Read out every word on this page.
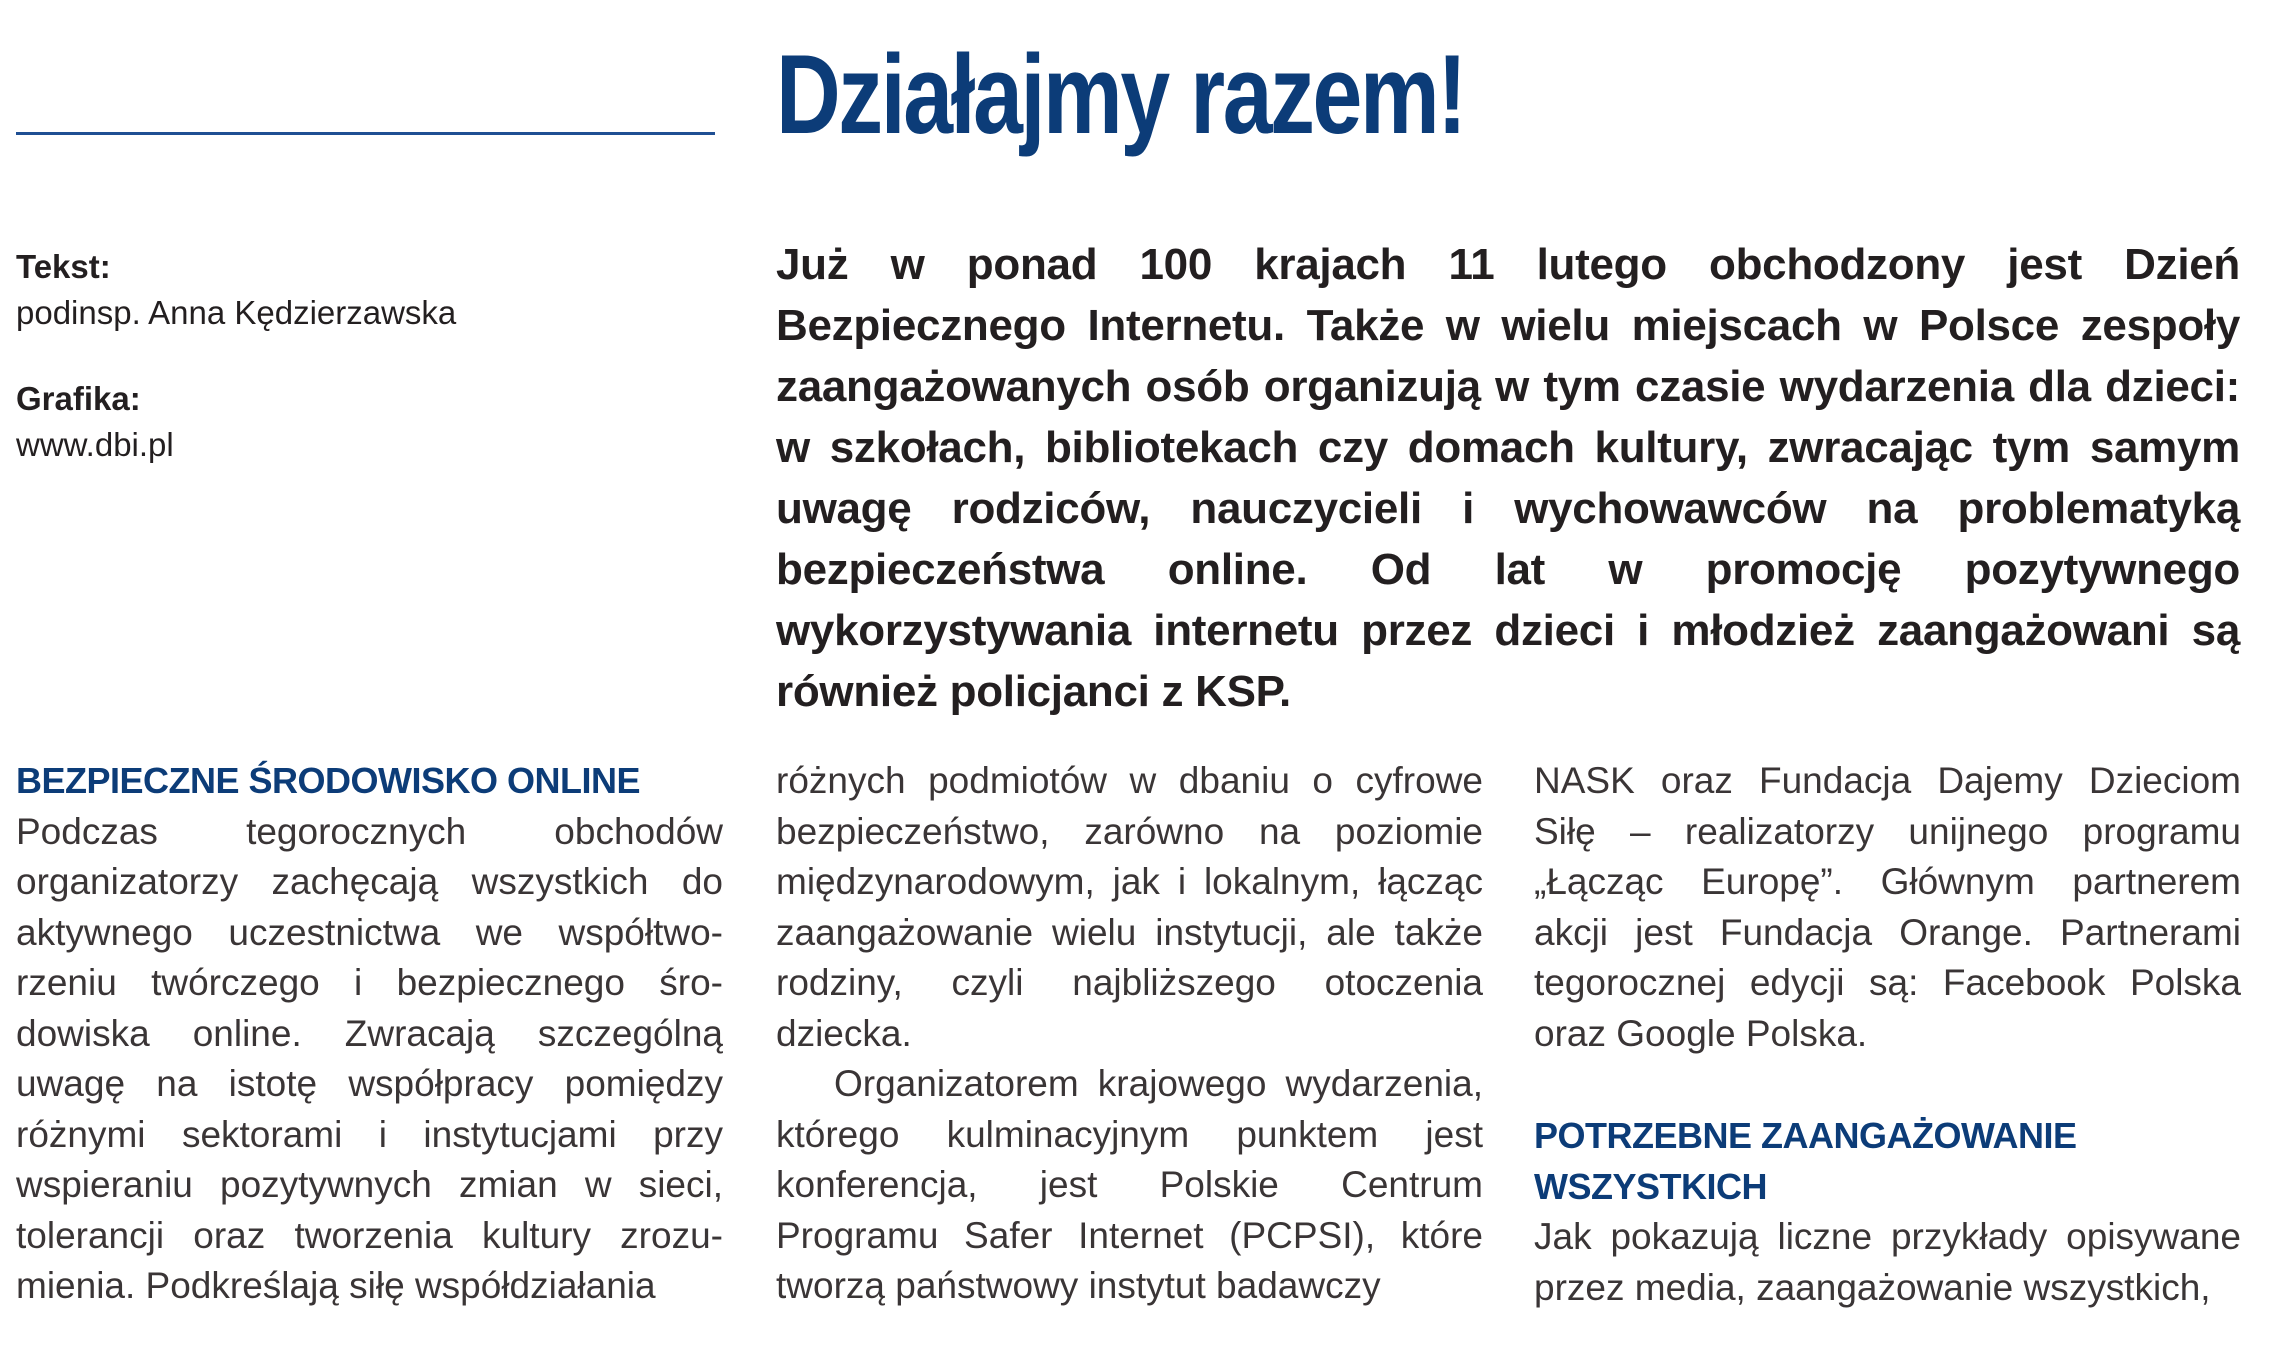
Działajmy razem!
Tekst:
podinsp. Anna Kędzierzawska
Grafika:
www.dbi.pl

Już w ponad 100 krajach 11 lutego obchodzony jest Dzień Bezpiecznego Internetu. Także w wielu miejscach w Polsce zespoły zaangażowanych osób organizują w tym czasie wydarzenia dla dzieci: w szkołach, bibliotekach czy domach kultury, zwracając tym samym uwagę rodziców, nauczycieli i wychowawców na problematyką bezpieczeństwa online. Od lat w promocję pozytywnego wykorzystywania internetu przez dzieci i młodzież zaangażowani są również policjanci z KSP.

BEZPIECZNE ŚRODOWISKO ONLINE

Podczas tegorocznych obchodów organizatorzy zachęcają wszystkich do aktywnego uczestnictwa we współtworzeniu twórczego i bezpiecznego środowiska online. Zwracają szczególną uwagę na istotę współpracy pomiędzy różnymi sektorami i instytucjami przy wspieraniu pozytywnych zmian w sieci, tolerancji oraz tworzenia kultury zrozumienia. Podkreślają siłę współdziałania

różnych podmiotów w dbaniu o cyfrowe bezpieczeństwo, zarówno na poziomie międzynarodowym, jak i lokalnym, łącząc zaangażowanie wielu instytucji, ale także rodziny, czyli najbliższego otoczenia dziecka.

Organizatorem krajowego wydarzenia, którego kulminacyjnym punktem jest konferencja, jest Polskie Centrum Programu Safer Internet (PCPSI), które tworzą państwowy instytut badawczy

NASK oraz Fundacja Dajemy Dzieciom Siłę – realizatorzy unijnego programu „Łącząc Europę”. Głównym partnerem akcji jest Fundacja Orange. Partnerami tegorocznej edycji są: Facebook Polska oraz Google Polska.

POTRZEBNE ZAANGAŻOWANIE WSZYSTKICH

Jak pokazują liczne przykłady opisywane przez media, zaangażowanie wszystkich,
